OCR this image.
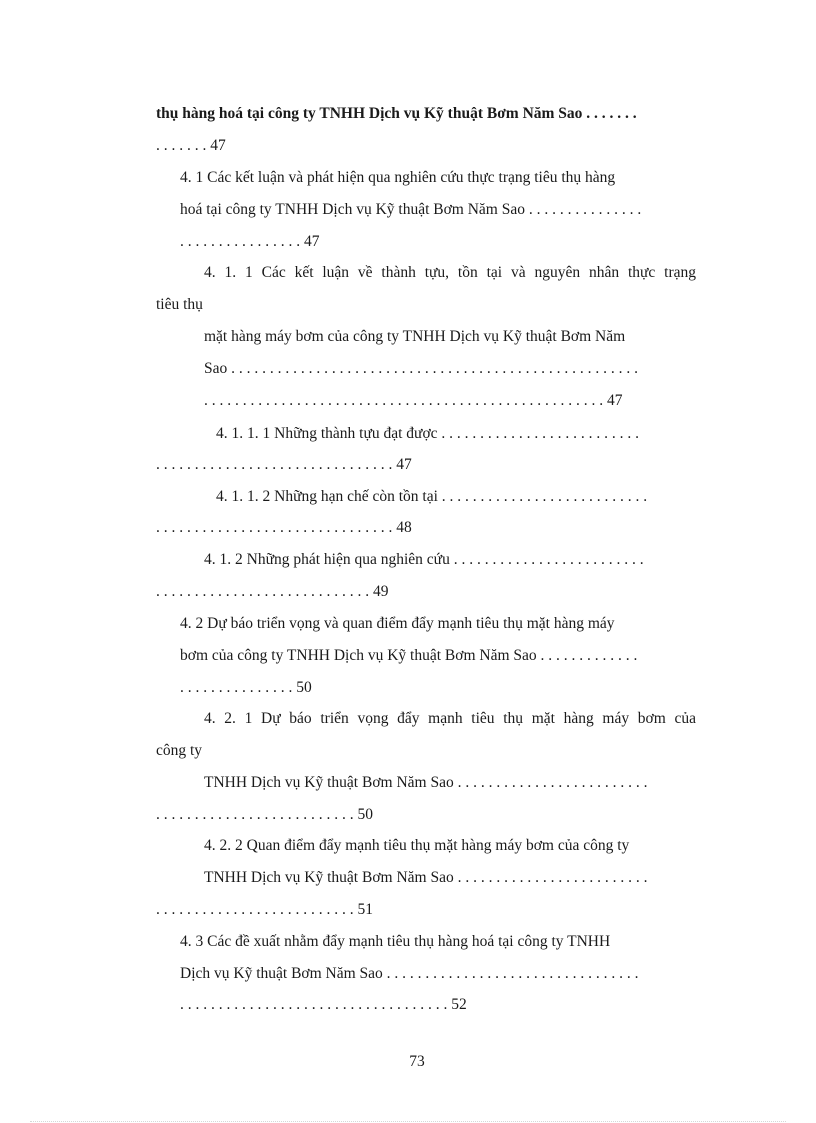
thụ hàng hoá tại công ty TNHH Dịch vụ Kỹ thuật Bơm Năm Sao . . . . . . .
. . . . . . . 47
4. 1 Các kết luận và phát hiện qua nghiên cứu thực trạng tiêu thụ hàng
hoá tại công ty TNHH Dịch vụ Kỹ thuật Bơm Năm Sao . . . . . . . . . . . . . . .
. . . . . . . . . . . . . . . . 47
4. 1. 1 Các kết luận về thành tựu, tồn tại và nguyên nhân thực trạng
tiêu thụ
mặt hàng máy bơm của công ty TNHH Dịch vụ Kỹ thuật Bơm Năm
Sao . . . . . . . . . . . . . . . . . . . . . . . . . . . . . . . . . . . . . . . . . . . . . . . . . . . . .
. . . . . . . . . . . . . . . . . . . . . . . . . . . . . . . . . . . . . . . . . . . . . . . . . . . . 47
4. 1. 1. 1 Những thành tựu đạt được . . . . . . . . . . . . . . . . . . . . . . . . . .
. . . . . . . . . . . . . . . . . . . . . . . . . . . . . . . 47
4. 1. 1. 2 Những hạn chế còn tồn tại . . . . . . . . . . . . . . . . . . . . . . . . . . .
. . . . . . . . . . . . . . . . . . . . . . . . . . . . . . . 48
4. 1. 2 Những phát hiện qua nghiên cứu . . . . . . . . . . . . . . . . . . . . . . . . .
. . . . . . . . . . . . . . . . . . . . . . . . . . . . 49
4. 2 Dự báo triển vọng và quan điểm đẩy mạnh tiêu thụ mặt hàng máy
bơm của công ty TNHH Dịch vụ Kỹ thuật Bơm Năm Sao . . . . . . . . . . . . .
. . . . . . . . . . . . . . . 50
4. 2. 1 Dự báo triển vọng đẩy mạnh tiêu thụ mặt hàng máy bơm của
công ty
TNHH Dịch vụ Kỹ thuật Bơm Năm Sao . . . . . . . . . . . . . . . . . . . . . . . . .
. . . . . . . . . . . . . . . . . . . . . . . . . . 50
4. 2. 2 Quan điểm đẩy mạnh tiêu thụ mặt hàng máy bơm của công ty
TNHH Dịch vụ Kỹ thuật Bơm Năm Sao . . . . . . . . . . . . . . . . . . . . . . . . .
. . . . . . . . . . . . . . . . . . . . . . . . . . 51
4. 3 Các đề xuất nhằm đẩy mạnh tiêu thụ hàng hoá tại công ty TNHH
Dịch vụ Kỹ thuật Bơm Năm Sao . . . . . . . . . . . . . . . . . . . . . . . . . . . . . . . . .
. . . . . . . . . . . . . . . . . . . . . . . . . . . . . . . . . . . 52
73
